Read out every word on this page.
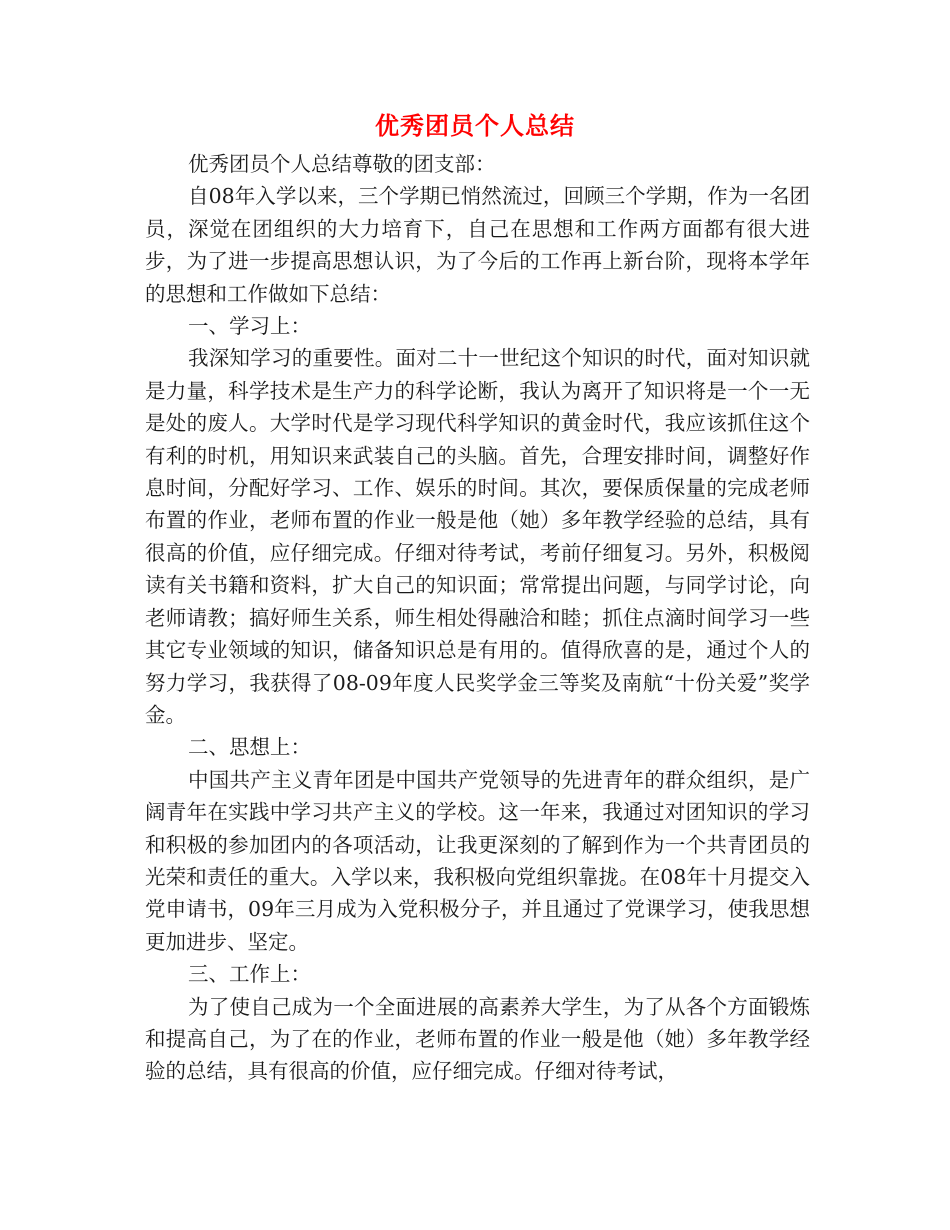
优秀团员个人总结

优秀团员个人总结尊敬的团支部：

自08年入学以来，三个学期已悄然流过，回顾三个学期，作为一名团员，深觉在团组织的大力培育下，自己在思想和工作两方面都有很大进步，为了进一步提高思想认识，为了今后的工作再上新台阶，现将本学年的思想和工作做如下总结：

一、学习上：

我深知学习的重要性。面对二十一世纪这个知识的时代，面对知识就是力量，科学技术是生产力的科学论断，我认为离开了知识将是一个一无是处的废人。大学时代是学习现代科学知识的黄金时代，我应该抓住这个有利的时机，用知识来武装自己的头脑。首先，合理安排时间，调整好作息时间，分配好学习、工作、娱乐的时间。其次，要保质保量的完成老师布置的作业，老师布置的作业一般是他（她）多年教学经验的总结，具有很高的价值，应仔细完成。仔细对待考试，考前仔细复习。另外，积极阅读有关书籍和资料，扩大自己的知识面；常常提出问题，与同学讨论，向老师请教；搞好师生关系，师生相处得融洽和睦；抓住点滴时间学习一些其它专业领域的知识，储备知识总是有用的。值得欣喜的是，通过个人的努力学习，我获得了08-09年度人民奖学金三等奖及南航“十份关爱”奖学金。

二、思想上：

中国共产主义青年团是中国共产党领导的先进青年的群众组织，是广阔青年在实践中学习共产主义的学校。这一年来，我通过对团知识的学习和积极的参加团内的各项活动，让我更深刻的了解到作为一个共青团员的光荣和责任的重大。入学以来，我积极向党组织靠拢。在08年十月提交入党申请书，09年三月成为入党积极分子，并且通过了党课学习，使我思想更加进步、坚定。

三、工作上：

为了使自己成为一个全面进展的高素养大学生，为了从各个方面锻炼和提高自己，为了在的作业，老师布置的作业一般是他（她）多年教学经验的总结，具有很高的价值，应仔细完成。仔细对待考试，
